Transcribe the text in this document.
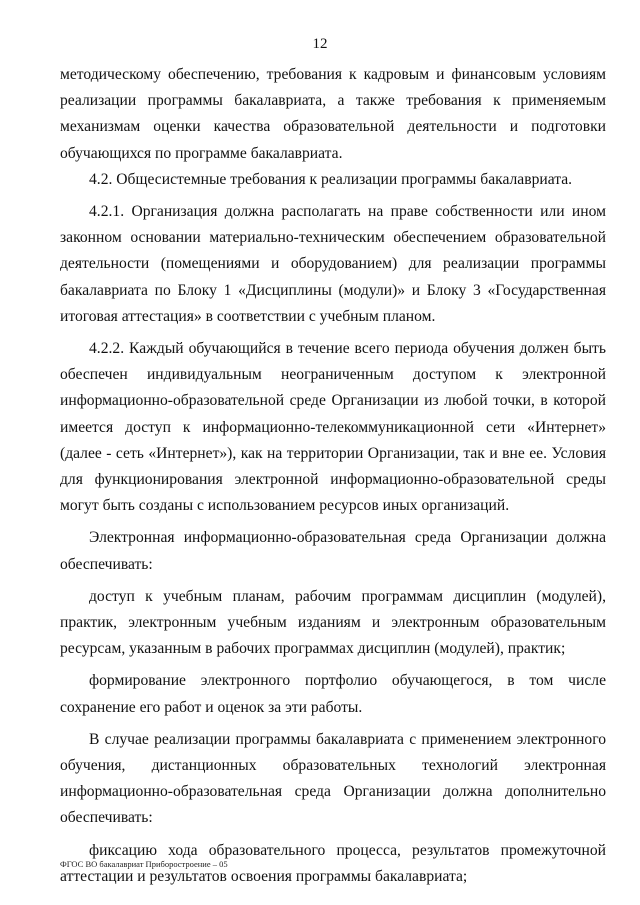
12

методическому обеспечению, требования к кадровым и финансовым условиям реализации программы бакалавриата, а также требования к применяемым механизмам оценки качества образовательной деятельности и подготовки обучающихся по программе бакалавриата.

4.2. Общесистемные требования к реализации программы бакалавриата.

4.2.1. Организация должна располагать на праве собственности или ином законном основании материально-техническим обеспечением образовательной деятельности (помещениями и оборудованием) для реализации программы бакалавриата по Блоку 1 «Дисциплины (модули)» и Блоку 3 «Государственная итоговая аттестация» в соответствии с учебным планом.

4.2.2. Каждый обучающийся в течение всего периода обучения должен быть обеспечен индивидуальным неограниченным доступом к электронной информационно-образовательной среде Организации из любой точки, в которой имеется доступ к информационно-телекоммуникационной сети «Интернет» (далее - сеть «Интернет»), как на территории Организации, так и вне ее. Условия для функционирования электронной информационно-образовательной среды могут быть созданы с использованием ресурсов иных организаций.

Электронная информационно-образовательная среда Организации должна обеспечивать:

доступ к учебным планам, рабочим программам дисциплин (модулей), практик, электронным учебным изданиям и электронным образовательным ресурсам, указанным в рабочих программах дисциплин (модулей), практик;

формирование электронного портфолио обучающегося, в том числе сохранение его работ и оценок за эти работы.

В случае реализации программы бакалавриата с применением электронного обучения, дистанционных образовательных технологий электронная информационно-образовательная среда Организации должна дополнительно обеспечивать:

фиксацию хода образовательного процесса, результатов промежуточной аттестации и результатов освоения программы бакалавриата;

ФГОС ВО бакалавриат Приборостроение – 05
